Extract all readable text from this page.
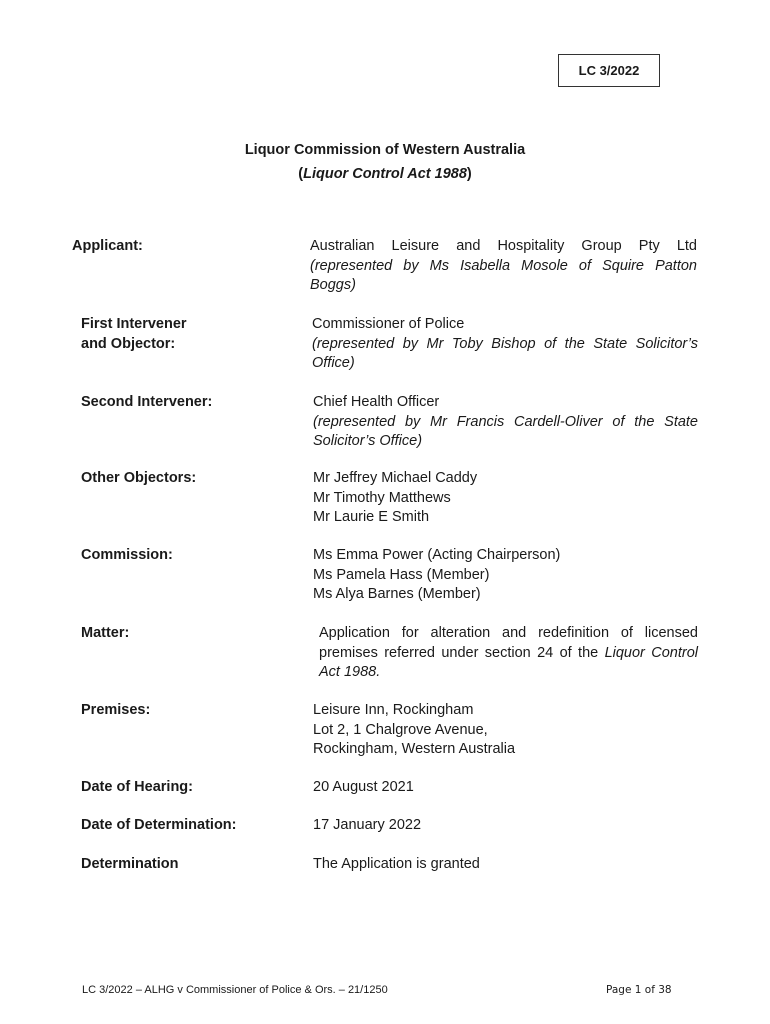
LC 3/2022
Liquor Commission of Western Australia
(Liquor Control Act 1988)
Applicant:	Australian Leisure and Hospitality Group Pty Ltd
(represented by Ms Isabella Mosole of Squire Patton
Boggs)
First Intervener
and Objector:
Commissioner of Police
(represented by Mr Toby Bishop of the State Solicitor’s
Office)
Second Intervener:	Chief Health Officer
(represented by Mr Francis Cardell-Oliver of the State
Solicitor’s Office)
Other Objectors:	Mr Jeffrey Michael Caddy
Mr Timothy Matthews
Mr Laurie E Smith
Commission:	Ms Emma Power (Acting Chairperson)
Ms Pamela Hass (Member)
Ms Alya Barnes (Member)
Matter:	Application for alteration and redefinition of licensed
premises referred under section 24 of the Liquor Control
Act 1988.
Premises:	Leisure Inn, Rockingham
Lot 2, 1 Chalgrove Avenue,
Rockingham, Western Australia
Date of Hearing:	20 August 2021
Date of Determination:	17 January 2022
Determination	The Application is granted
LC 3/2022 – ALHG v Commissioner of Police & Ors. – 21/1250	Page 1 of 38
